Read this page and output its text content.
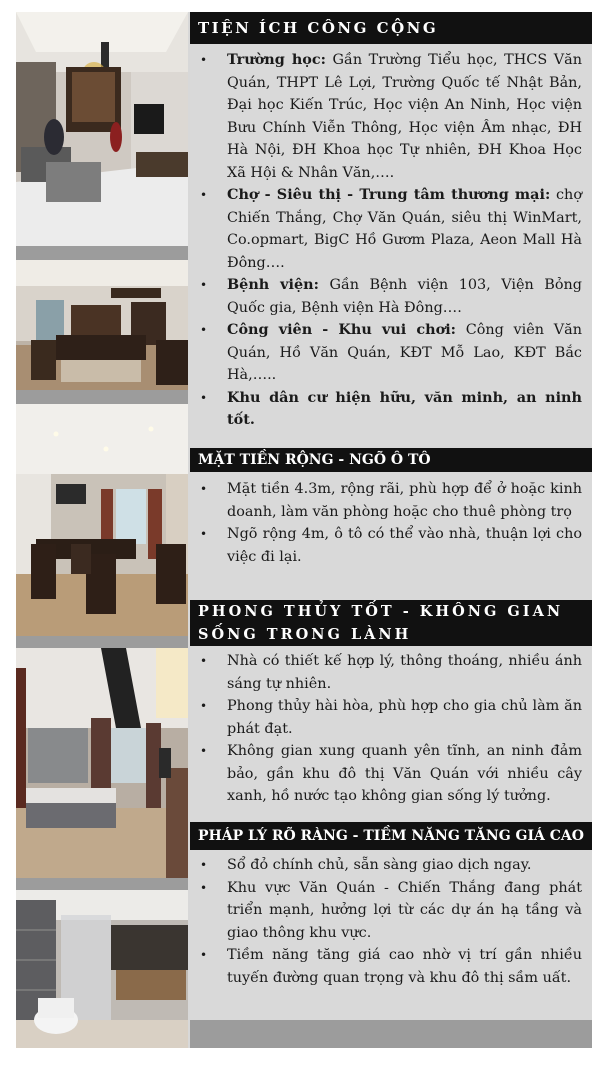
TIỆN ÍCH CÔNG CỘNG
• Trường học: Gần Trường Tiểu học, THCS Văn Quán, THPT Lê Lợi, Trường Quốc tế Nhật Bản, Đại học Kiến Trúc, Học viện An Ninh, Học viện Bưu Chính Viễn Thông, Học viện Âm nhạc, ĐH Hà Nội, ĐH Khoa học Tự nhiên, ĐH Khoa Học Xã Hội & Nhân Văn,….
• Chợ - Siêu thị - Trung tâm thương mại: chợ Chiến Thắng, Chợ Văn Quán, siêu thị WinMart, Co.opmart, BigC Hồ Gươm Plaza, Aeon Mall Hà Đông….
• Bệnh viện: Gần Bệnh viện 103, Viện Bỏng Quốc gia, Bệnh viện Hà Đông….
• Công viên - Khu vui chơi: Công viên Văn Quán, Hồ Văn Quán, KĐT Mỗ Lao, KĐT Bắc Hà,…..
• Khu dân cư hiện hữu, văn minh, an ninh tốt.
MẶT TIỀN RỘNG - NGÕ Ô TÔ
• Mặt tiền 4.3m, rộng rãi, phù hợp để ở hoặc kinh doanh, làm văn phòng hoặc cho thuê phòng trọ
• Ngõ rộng 4m, ô tô có thể vào nhà, thuận lợi cho việc đi lại.
PHONG THỦY TỐT - KHÔNG GIAN SỐNG TRONG LÀNH
• Nhà có thiết kế hợp lý, thông thoáng, nhiều ánh sáng tự nhiên.
• Phong thủy hài hòa, phù hợp cho gia chủ làm ăn phát đạt.
• Không gian xung quanh yên tĩnh, an ninh đảm bảo, gần khu đô thị Văn Quán với nhiều cây xanh, hồ nước tạo không gian sống lý tưởng.
PHÁP LÝ RÕ RÀNG - TIỀM NĂNG TĂNG GIÁ CAO
• Sổ đỏ chính chủ, sẵn sàng giao dịch ngay.
• Khu vực Văn Quán - Chiến Thắng đang phát triển mạnh, hưởng lợi từ các dự án hạ tầng và giao thông khu vực.
• Tiềm năng tăng giá cao nhờ vị trí gần nhiều tuyến đường quan trọng và khu đô thị sầm uất.
